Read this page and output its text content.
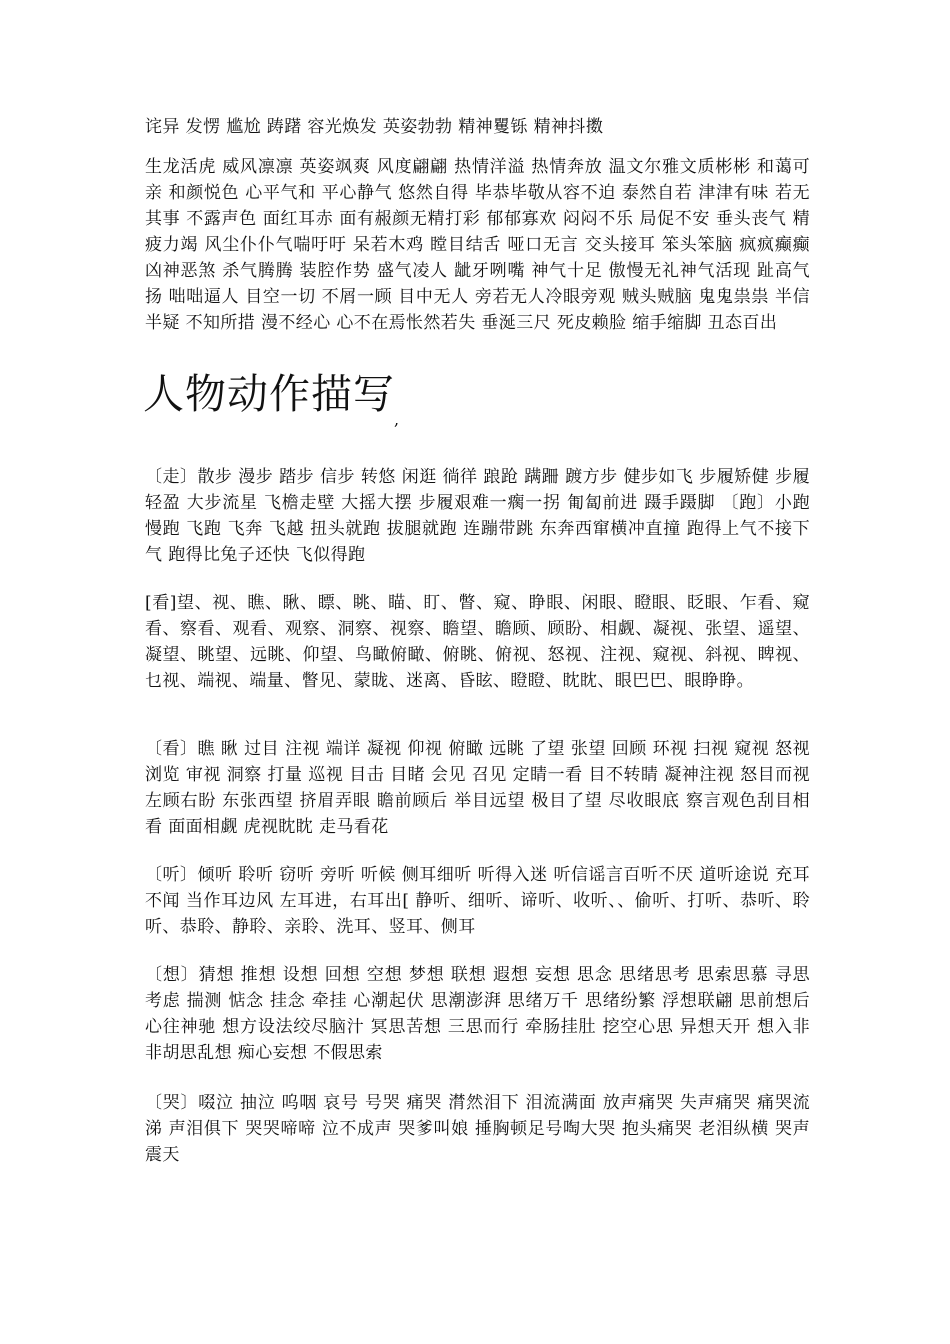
诧异 发愣 尴尬 踌躇 容光焕发 英姿勃勃 精神矍铄 精神抖擞

生龙活虎 威风凛凛 英姿飒爽 风度翩翩 热情洋溢 热情奔放 温文尔雅文质彬彬 和蔼可亲 和颜悦色 心平气和 平心静气 悠然自得 毕恭毕敬从容不迫 泰然自若 津津有味 若无其事 不露声色 面红耳赤 面有赧颜无精打彩 郁郁寡欢 闷闷不乐 局促不安 垂头丧气 精疲力竭 风尘仆仆气喘吁吁 呆若木鸡 瞠目结舌 哑口无言 交头接耳 笨头笨脑 疯疯癫癫凶神恶煞 杀气腾腾 装腔作势 盛气凌人 龇牙咧嘴 神气十足 傲慢无礼神气活现 趾高气扬 咄咄逼人 目空一切 不屑一顾 目中无人 旁若无人冷眼旁观 贼头贼脑 鬼鬼祟祟 半信半疑 不知所措 漫不经心 心不在焉怅然若失 垂涎三尺 死皮赖脸 缩手缩脚 丑态百出

人物动作描写
,

〔走〕散步 漫步 踏步 信步 转悠 闲逛 徜徉 踉跄 蹒跚 踱方步 健步如飞 步履矫健 步履轻盈 大步流星 飞檐走壁 大摇大摆 步履艰难一瘸一拐 匍匐前进 蹑手蹑脚 〔跑〕小跑 慢跑 飞跑 飞奔 飞越 扭头就跑 拔腿就跑 连蹦带跳 东奔西窜横冲直撞 跑得上气不接下气 跑得比兔子还快 飞似得跑

[看]望、视、瞧、瞅、瞟、眺、瞄、盯、瞥、窥、睁眼、闲眼、瞪眼、眨眼、乍看、窥看、察看、观看、观察、洞察、视察、瞻望、瞻顾、顾盼、相觑、凝视、张望、遥望、凝望、眺望、远眺、仰望、鸟瞰俯瞰、俯眺、俯视、怒视、注视、窥视、斜视、睥视、乜视、端视、端量、瞥见、蒙眬、迷离、昏眩、瞪瞪、眈眈、眼巴巴、眼睁睁。

〔看〕瞧 瞅 过目 注视 端详 凝视 仰视 俯瞰 远眺 了望 张望 回顾 环视 扫视 窥视 怒视 浏览 审视 洞察 打量 巡视 目击 目睹 会见 召见 定睛一看 目不转睛 凝神注视 怒目而视 左顾右盼 东张西望 挤眉弄眼 瞻前顾后 举目远望 极目了望 尽收眼底 察言观色刮目相看 面面相觑 虎视眈眈 走马看花

〔听〕倾听 聆听 窃听 旁听 听候 侧耳细听 听得入迷 听信谣言百听不厌 道听途说 充耳不闻 当作耳边风 左耳进，右耳出[ 静听、细听、谛听、收听、、偷听、打听、恭听、聆听、恭聆、静聆、亲聆、洗耳、竖耳、侧耳

〔想〕猜想 推想 设想 回想 空想 梦想 联想 遐想 妄想 思念 思绪思考 思索思慕 寻思 考虑 揣测 惦念 挂念 牵挂 心潮起伏 思潮澎湃 思绪万千 思绪纷繁 浮想联翩 思前想后 心往神驰 想方设法绞尽脑汁 冥思苦想 三思而行 牵肠挂肚 挖空心思 异想天开 想入非非胡思乱想 痴心妄想 不假思索

〔哭〕啜泣 抽泣 呜咽 哀号 号哭 痛哭 潸然泪下 泪流满面 放声痛哭 失声痛哭 痛哭流涕 声泪俱下 哭哭啼啼 泣不成声 哭爹叫娘 捶胸顿足号啕大哭 抱头痛哭 老泪纵横 哭声震天
